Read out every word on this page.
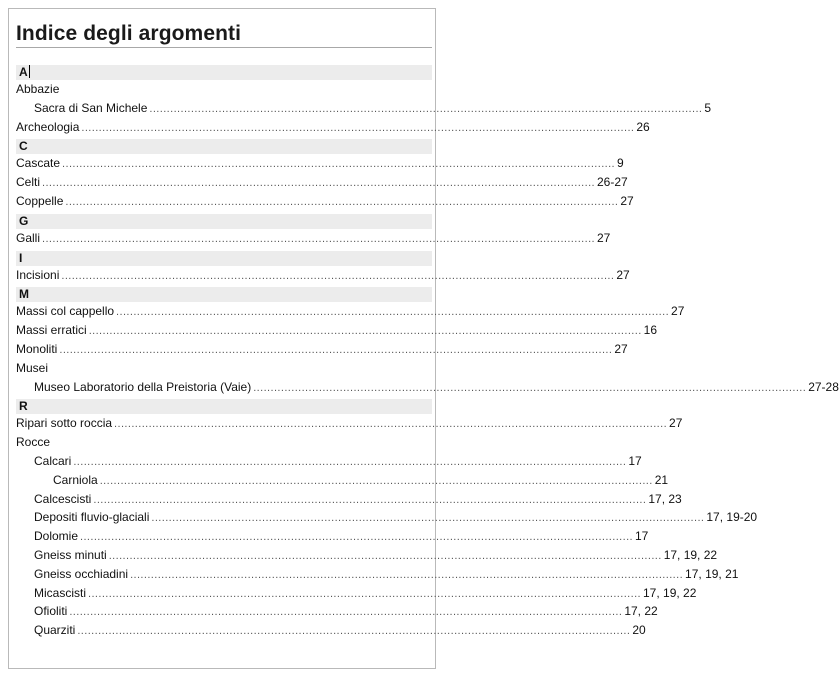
Indice degli argomenti
A
Abbazie
Sacra di San Michele ................................................................................................................................................................ 5
Archeologia ................................................................................................................................................................ 26
C
Cascate ................................................................................................................................................................ 9
Celti ................................................................................................................................................................ 26-27
Coppelle ................................................................................................................................................................ 27
G
Galli ................................................................................................................................................................ 27
I
Incisioni ................................................................................................................................................................ 27
M
Massi col cappello ................................................................................................................................................................ 27
Massi erratici ................................................................................................................................................................ 16
Monoliti ................................................................................................................................................................ 27
Musei
Museo Laboratorio della Preistoria (Vaie) ................................................................................................................................................................ 27-28
R
Ripari sotto roccia ................................................................................................................................................................ 27
Rocce
Calcari ................................................................................................................................................................ 17
Carniola ................................................................................................................................................................ 21
Calcescisti ................................................................................................................................................................ 17, 23
Depositi fluvio-glaciali ................................................................................................................................................................ 17, 19-20
Dolomie ................................................................................................................................................................ 17
Gneiss minuti ................................................................................................................................................................ 17, 19, 22
Gneiss occhiadini ................................................................................................................................................................ 17, 19, 21
Micascisti ................................................................................................................................................................ 17, 19, 22
Ofioliti ................................................................................................................................................................ 17, 22
Quarziti ................................................................................................................................................................ 20
